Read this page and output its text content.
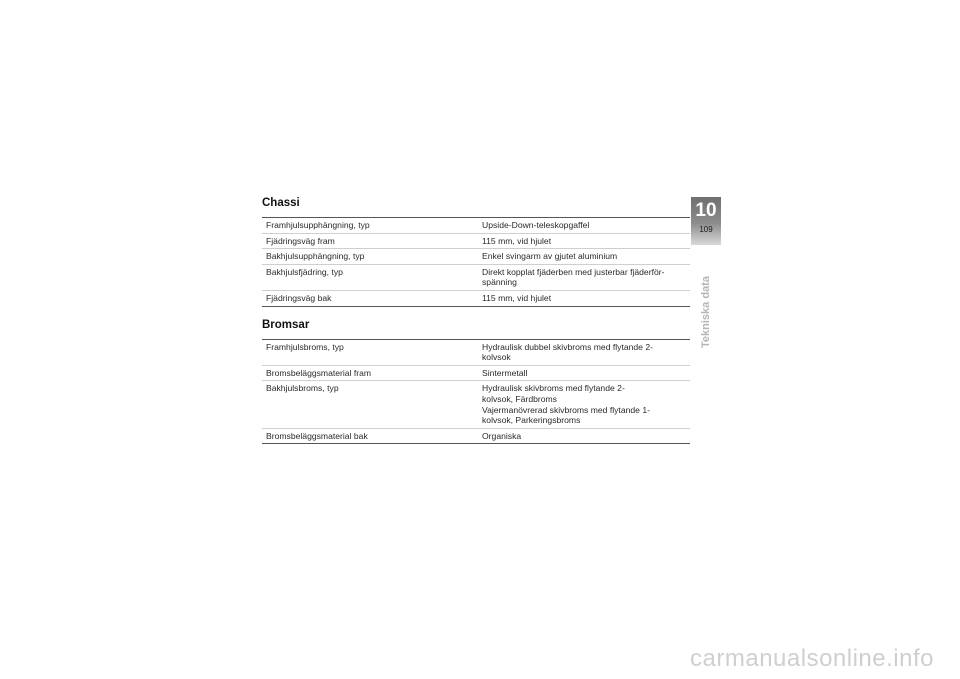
Chassi
Framhjulsupphängning, typ	Upside-Down-teleskopgaffel
Fjädringsväg fram	115 mm, vid hjulet
Bakhjulsupphängning, typ	Enkel svingarm av gjutet aluminium
Bakhjulsfjädring, typ	Direkt kopplat fjäderben med justerbar fjäderför-
spänning
Fjädringsväg bak	115 mm, vid hjulet
Bromsar
Framhjulsbroms, typ	Hydraulisk dubbel skivbroms med flytande 2-
kolvsok
Bromsbeläggsmaterial fram	Sintermetall
Bakhjulsbroms, typ	Hydraulisk skivbroms med flytande 2-
kolvsok, Färdbroms
Vajermanövrerad skivbroms med flytande 1-
kolvsok, Parkeringsbroms
Bromsbeläggsmaterial bak	Organiska
10
109
Tekniska data
carmanualsonline.info
